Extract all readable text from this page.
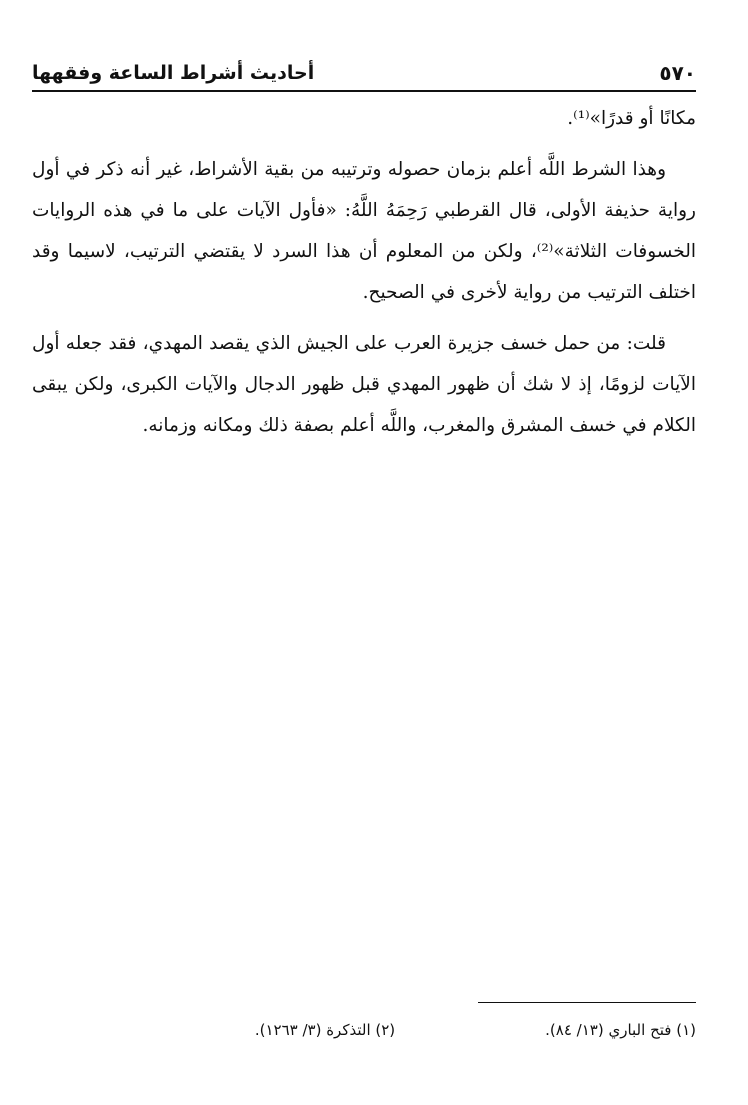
٥٧٠
أحاديث أشراط الساعة وفقهها

مكانًا أو قدرًا»⁽¹⁾.

وهذا الشرط اللَّه أعلم بزمان حصوله وترتيبه من بقية الأشراط، غير أنه ذكر في أول رواية حذيفة الأولى، قال القرطبي رَحِمَهُ اللَّهُ: «فأول الآيات على ما في هذه الروايات الخسوفات الثلاثة»⁽²⁾، ولكن من المعلوم أن هذا السرد لا يقتضي الترتيب، لاسيما وقد اختلف الترتيب من رواية لأخرى في الصحيح.

قلت: من حمل خسف جزيرة العرب على الجيش الذي يقصد المهدي، فقد جعله أول الآيات لزومًا، إذ لا شك أن ظهور المهدي قبل ظهور الدجال والآيات الكبرى، ولكن يبقى الكلام في خسف المشرق والمغرب، واللَّه أعلم بصفة ذلك ومكانه وزمانه.

(١) فتح الباري (١٣/ ٨٤).
(٢) التذكرة (٣/ ١٢٦٣).
